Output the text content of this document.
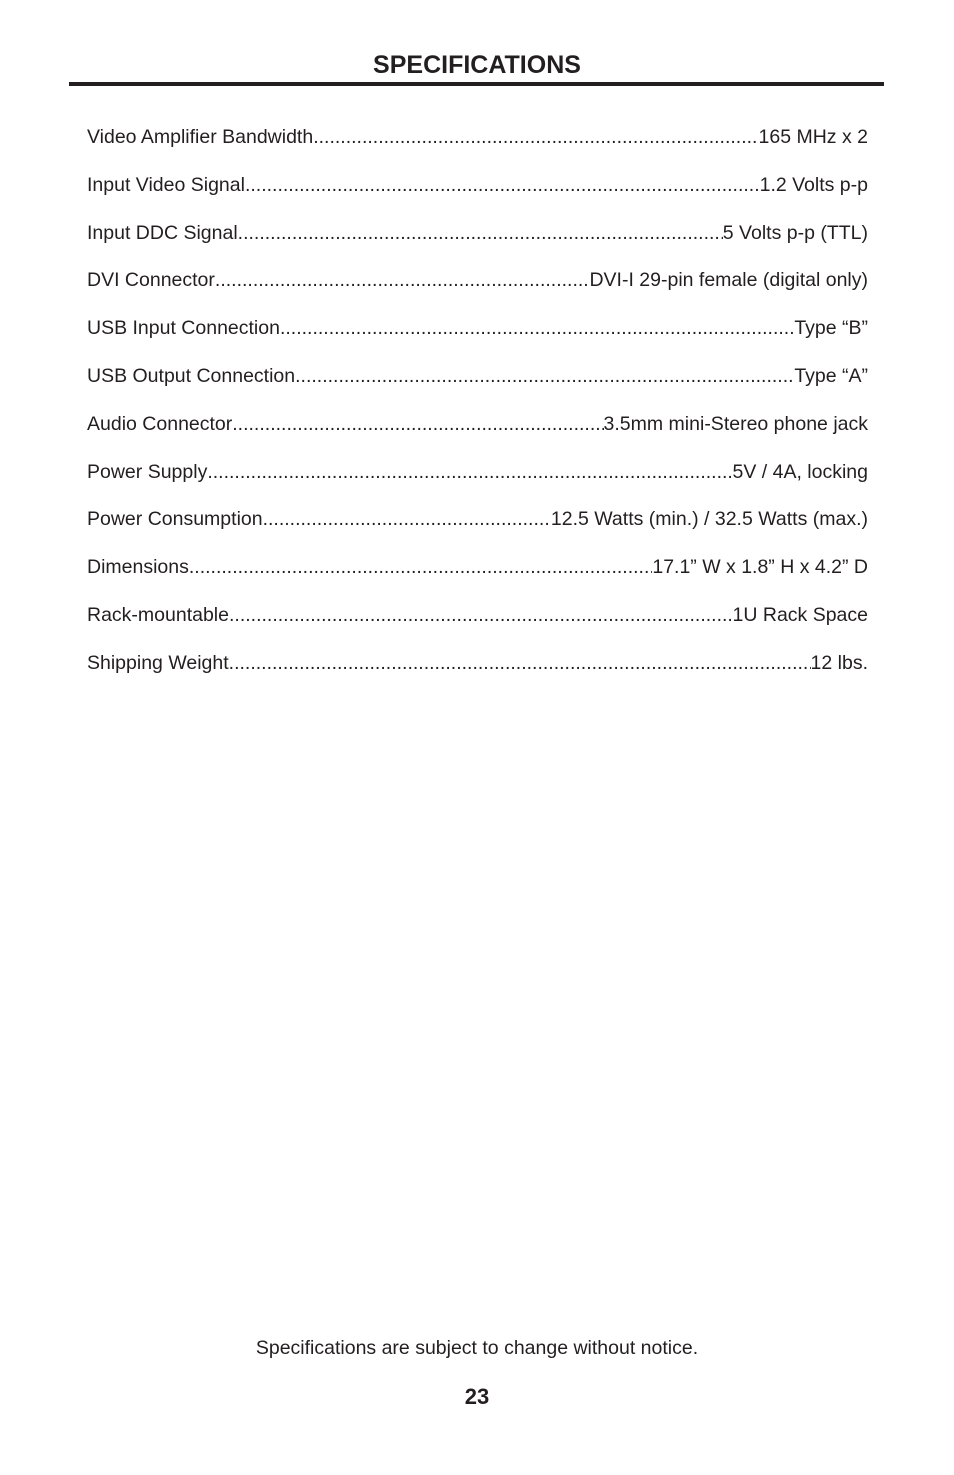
SPECIFICATIONS
Video Amplifier Bandwidth .....	165 MHz x 2
Input Video Signal .....	1.2 Volts p-p
Input DDC Signal .....	5 Volts p-p (TTL)
DVI Connector .....	DVI-I 29-pin female (digital only)
USB Input Connection .....	Type “B”
USB Output Connection .....	Type “A”
Audio Connector .....	3.5mm mini-Stereo phone jack
Power Supply .....	5V / 4A, locking
Power Consumption .....	12.5 Watts (min.) / 32.5 Watts (max.)
Dimensions .....	17.1” W x 1.8” H x 4.2” D
Rack-mountable .....	1U Rack Space
Shipping Weight .....	12 lbs.
Specifications are subject to change without notice.
23
